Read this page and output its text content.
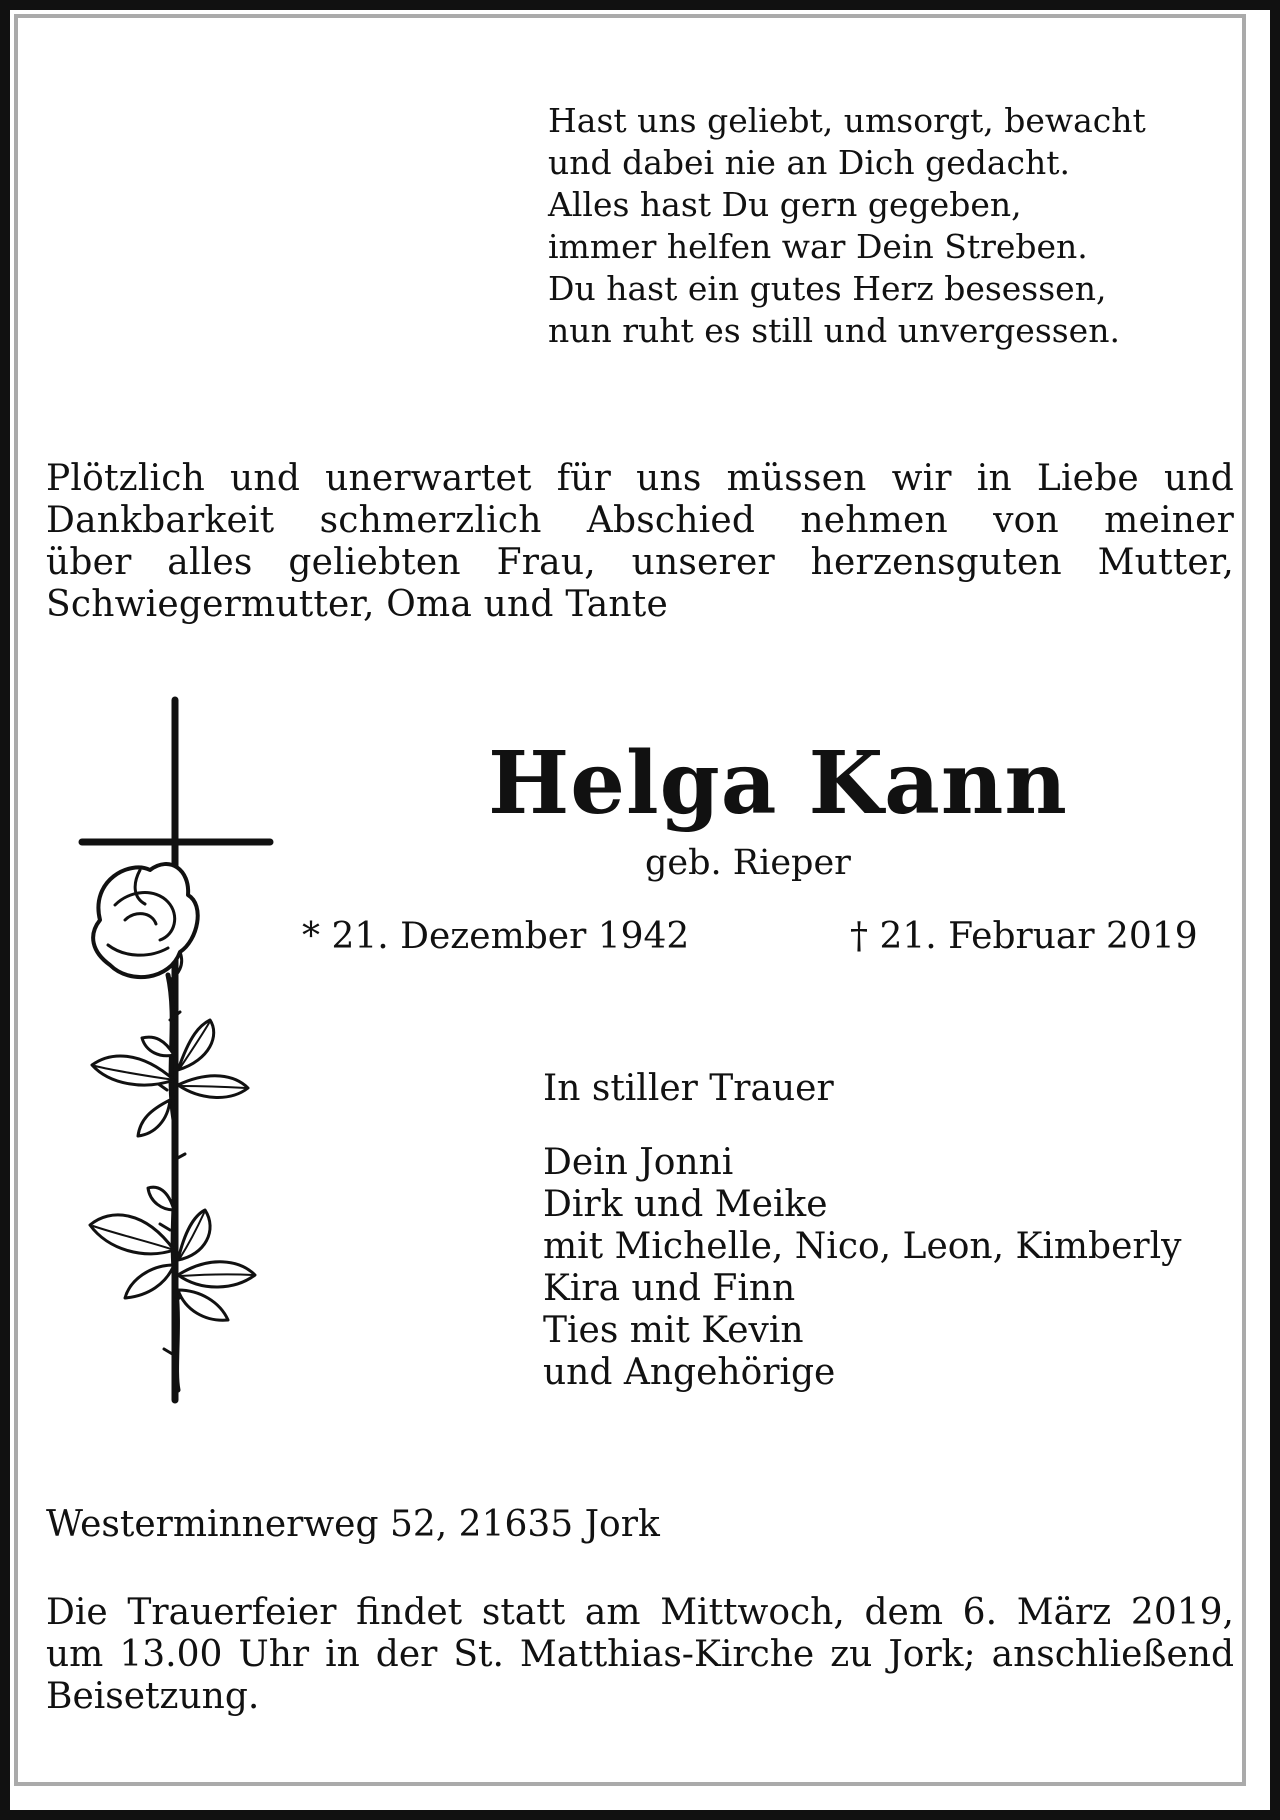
Hast uns geliebt, umsorgt, bewacht
und dabei nie an Dich gedacht.
Alles hast Du gern gegeben,
immer helfen war Dein Streben.
Du hast ein gutes Herz besessen,
nun ruht es still und unvergessen.
Plötzlich und unerwartet für uns müssen wir in Liebe und
Dankbarkeit schmerzlich Abschied nehmen von meiner
über alles geliebten Frau, unserer herzensguten Mutter,
Schwiegermutter, Oma und Tante
Helga Kann
geb. Rieper
* 21. Dezember 1942	† 21. Februar 2019
In stiller Trauer
Dein Jonni
Dirk und Meike
mit Michelle, Nico, Leon, Kimberly
Kira und Finn
Ties mit Kevin
und Angehörige
Westerminnerweg 52, 21635 Jork
Die Trauerfeier findet statt am Mittwoch, dem 6. März 2019,
um 13.00 Uhr in der St. Matthias-Kirche zu Jork; anschließend
Beisetzung.
